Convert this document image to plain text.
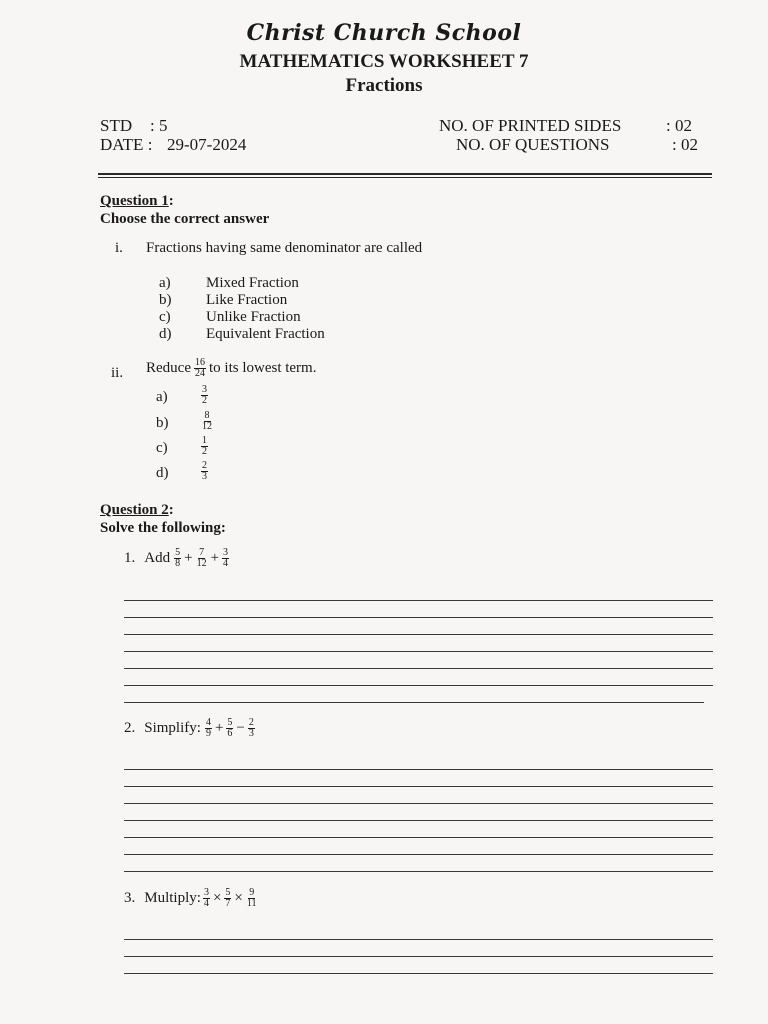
Christ Church School
MATHEMATICS WORKSHEET 7
Fractions
STD : 5
DATE : 29-07-2024
NO. OF PRINTED SIDES	: 02
NO. OF QUESTIONS	: 02
Question 1:
Choose the correct answer
i. Fractions having same denominator are called
a) Mixed Fraction
b) Like Fraction
c) Unlike Fraction
d) Equivalent Fraction
ii. Reduce $\frac{16}{24}$ to its lowest term.
a)	$\frac{3}{2}$
b)	$\frac{8}{12}$
c)	$\frac{1}{2}$
d)	$\frac{2}{3}$
Question 2:
Solve the following:
1. Add $\frac{5}{8} + \frac{7}{12} + \frac{3}{4}$
2. Simplify: $\frac{4}{9} + \frac{5}{6} - \frac{2}{3}$
3. Multiply: $\frac{3}{4} \times \frac{5}{7} \times \frac{9}{11}$
